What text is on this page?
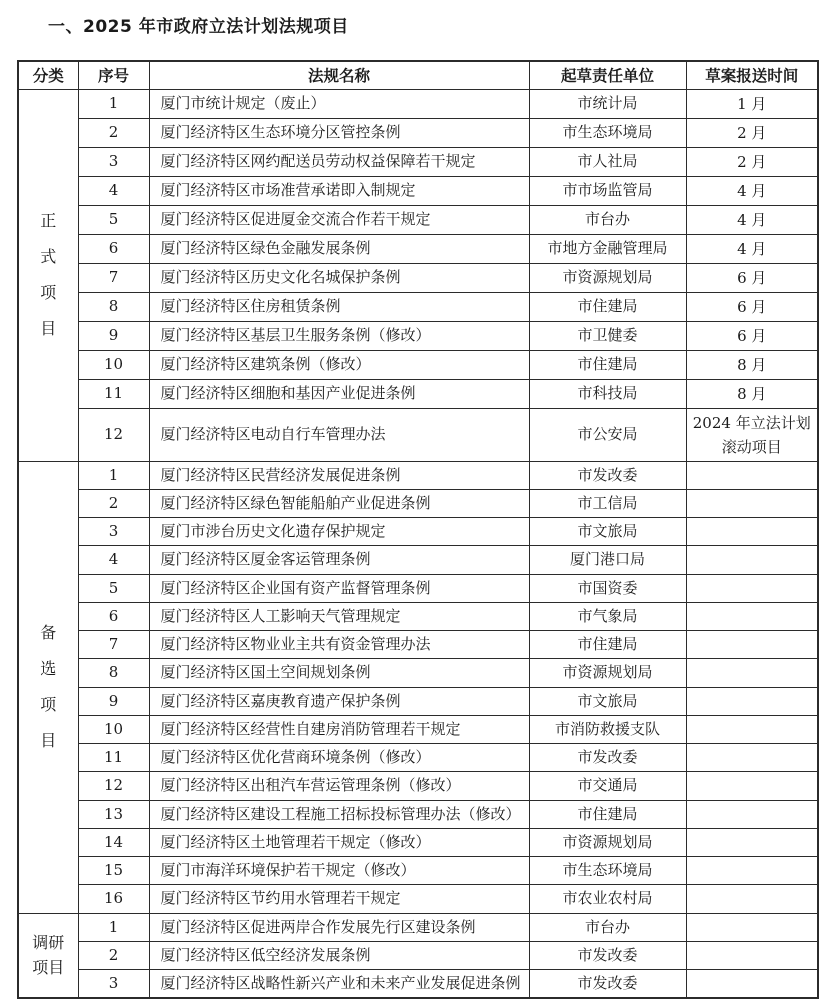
一、2025 年市政府立法计划法规项目
分类	序号	法规名称	起草责任单位	草案报送时间

正
式
项
目	1	厦门市统计规定（废止）	市统计局	1 月
	2	厦门经济特区生态环境分区管控条例	市生态环境局	2 月
	3	厦门经济特区网约配送员劳动权益保障若干规定	市人社局	2 月
	4	厦门经济特区市场准营承诺即入制规定	市市场监管局	4 月
	5	厦门经济特区促进厦金交流合作若干规定	市台办	4 月
	6	厦门经济特区绿色金融发展条例	市地方金融管理局	4 月
	7	厦门经济特区历史文化名城保护条例	市资源规划局	6 月
	8	厦门经济特区住房租赁条例	市住建局	6 月
	9	厦门经济特区基层卫生服务条例（修改）	市卫健委	6 月
	10	厦门经济特区建筑条例（修改）	市住建局	8 月
	11	厦门经济特区细胞和基因产业促进条例	市科技局	8 月
	12	厦门经济特区电动自行车管理办法	市公安局	2024 年立法计划滚动项目

备
选
项
目	1	厦门经济特区民营经济发展促进条例	市发改委	
	2	厦门经济特区绿色智能船舶产业促进条例	市工信局	
	3	厦门市涉台历史文化遗存保护规定	市文旅局	
	4	厦门经济特区厦金客运管理条例	厦门港口局	
	5	厦门经济特区企业国有资产监督管理条例	市国资委	
	6	厦门经济特区人工影响天气管理规定	市气象局	
	7	厦门经济特区物业业主共有资金管理办法	市住建局	
	8	厦门经济特区国土空间规划条例	市资源规划局	
	9	厦门经济特区嘉庚教育遗产保护条例	市文旅局	
	10	厦门经济特区经营性自建房消防管理若干规定	市消防救援支队	
	11	厦门经济特区优化营商环境条例（修改）	市发改委	
	12	厦门经济特区出租汽车营运管理条例（修改）	市交通局	
	13	厦门经济特区建设工程施工招标投标管理办法（修改）	市住建局	
	14	厦门经济特区土地管理若干规定（修改）	市资源规划局	
	15	厦门市海洋环境保护若干规定（修改）	市生态环境局	
	16	厦门经济特区节约用水管理若干规定	市农业农村局	

调研
项目	1	厦门经济特区促进两岸合作发展先行区建设条例	市台办	
	2	厦门经济特区低空经济发展条例	市发改委	
	3	厦门经济特区战略性新兴产业和未来产业发展促进条例	市发改委	
